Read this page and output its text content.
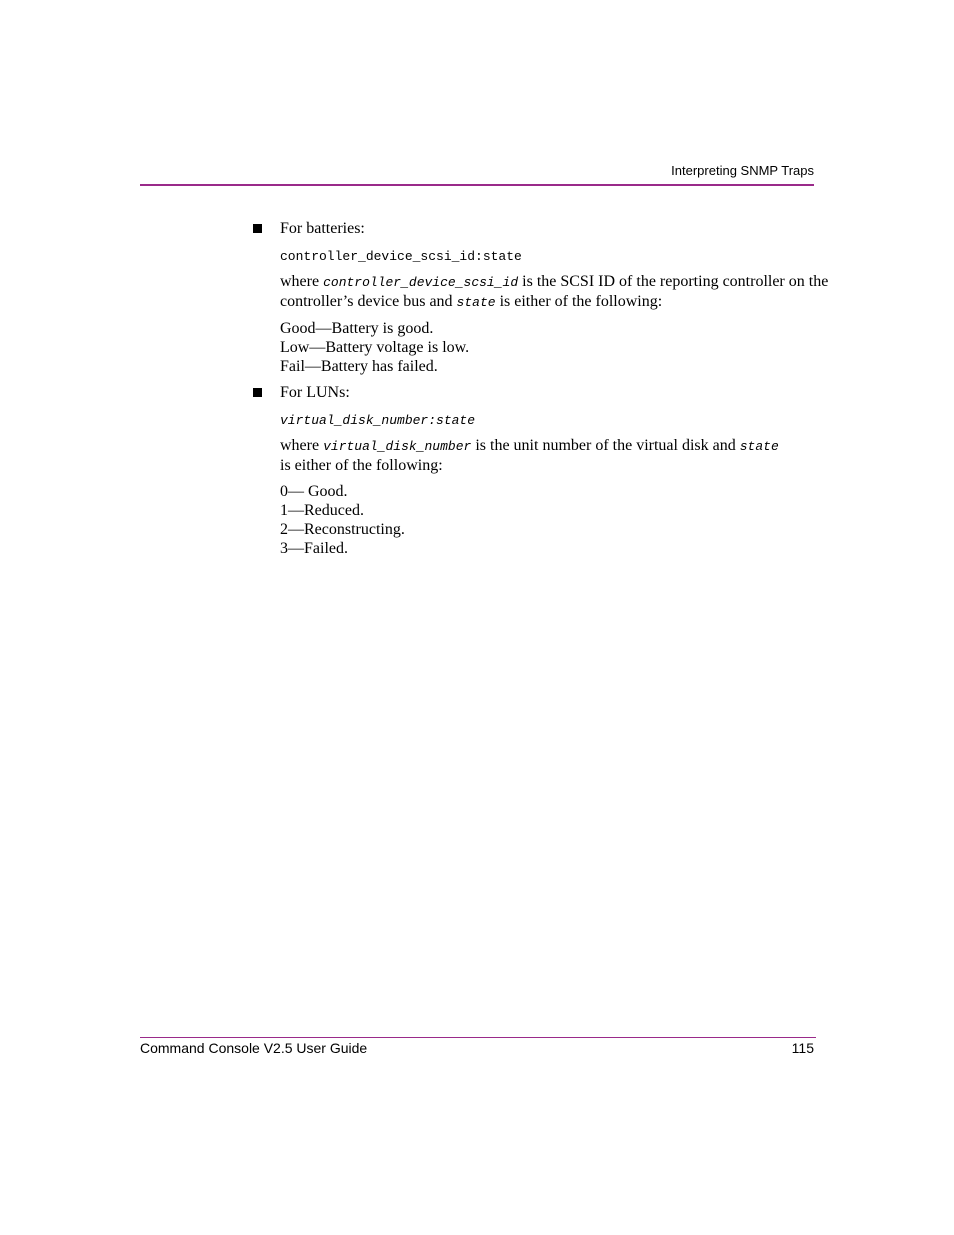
Interpreting SNMP Traps
For batteries:
controller_device_scsi_id:state
where controller_device_scsi_id is the SCSI ID of the reporting controller on the controller’s device bus and state is either of the following:
Good—Battery is good.
Low—Battery voltage is low.
Fail—Battery has failed.
For LUNs:
virtual_disk_number:state
where virtual_disk_number is the unit number of the virtual disk and state
is either of the following:
0— Good.
1—Reduced.
2—Reconstructing.
3—Failed.
Command Console V2.5 User Guide	115
